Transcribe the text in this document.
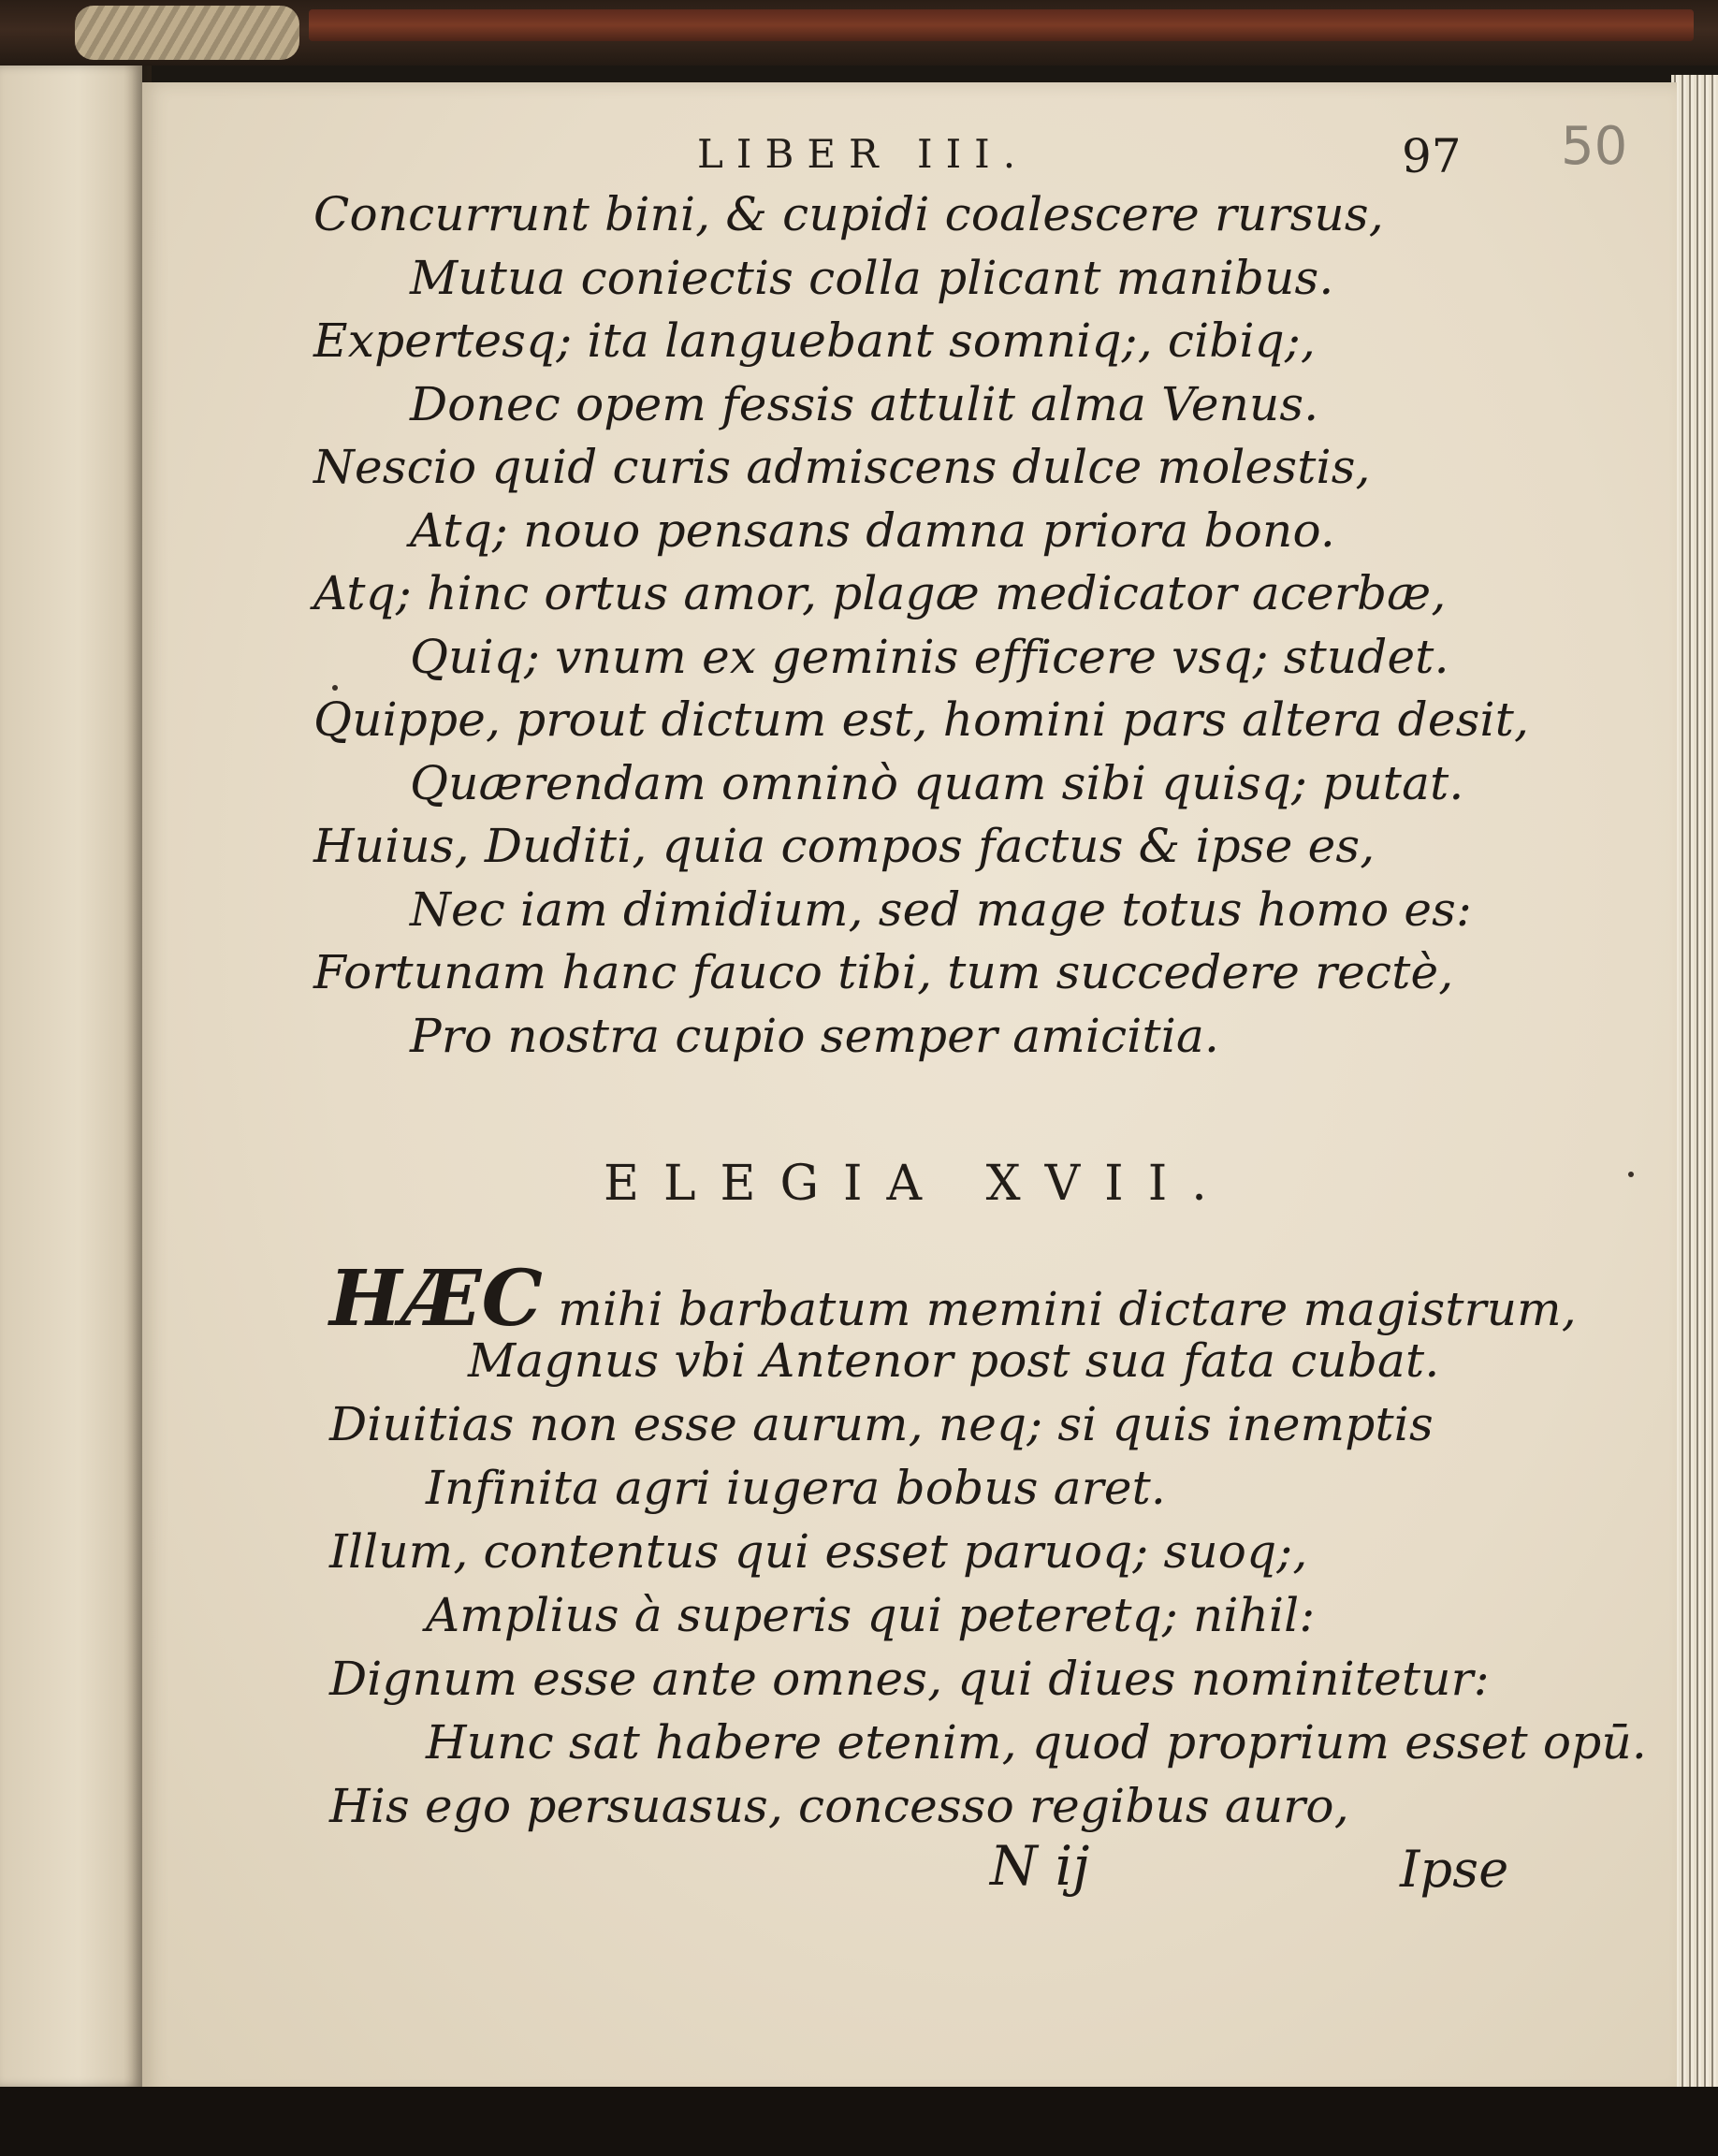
LIBER III.	97 50
Concurrunt bini, & cupidi coalescere rursus,
Mutua coniectis colla plicant manibus.
Expertesq; ita languebant somniq;, cibiq;,
Donec opem fessis attulit alma Venus.
Nescio quid curis admiscens dulce molestis,
Atq; nouo pensans damna priora bono.
Atq; hinc ortus amor, plagæ medicator acerbæ,
Quiq; vnum ex geminis efficere vsq; studet.
Quippe, prout dictum est, homini pars altera desit,
Quærendam omninò quam sibi quisq; putat.
Huius, Duditi, quia compos factus & ipse es,
Nec iam dimidium, sed mage totus homo es:
Fortunam hanc fauco tibi, tum succedere rectè,
Pro nostra cupio semper amicitia.
ELEGIA XVII.
HÆC mihi barbatum memini dictare magistrum,
Magnus vbi Antenor post sua fata cubat.
Diuitias non esse aurum, neq; si quis inemptis
Infinita agri iugera bobus aret.
Illum, contentus qui esset paruoq; suoq;,
Amplius à superis qui peteretq; nihil:
Dignum esse ante omnes, qui diues nominitetur:
Hunc sat habere etenim, quod proprium esset opū.
His ego persuasus, concesso regibus auro,
N ij	Ipse
